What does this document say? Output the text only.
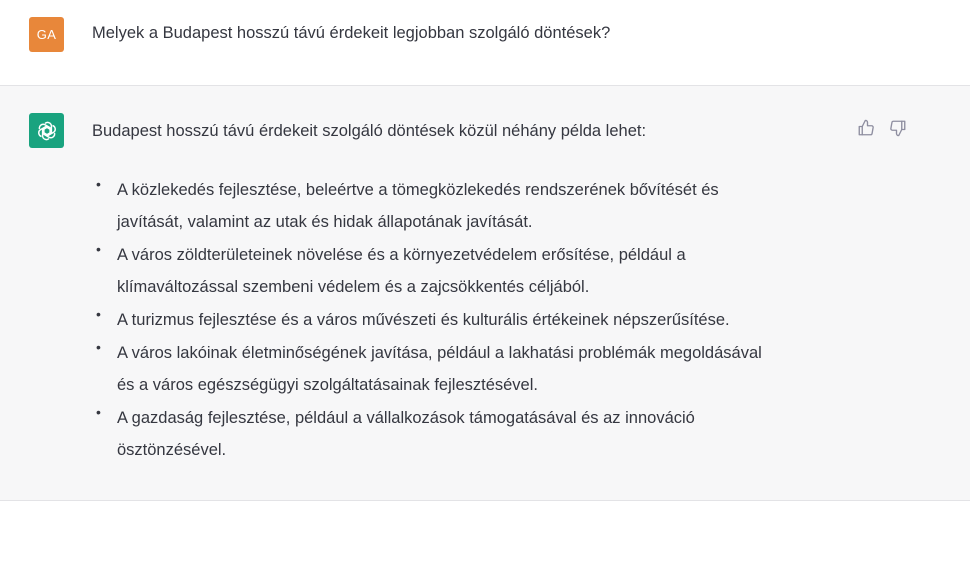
GA	Melyek a Budapest hosszú távú érdekeit legjobban szolgáló döntések?
Budapest hosszú távú érdekeit szolgáló döntések közül néhány példa lehet:
• A közlekedés fejlesztése, beleértve a tömegközlekedés rendszerének bővítését és
javítását, valamint az utak és hidak állapotának javítását.
• A város zöldterületeinek növelése és a környezetvédelem erősítése, például a
klímaváltozással szembeni védelem és a zajcsökkentés céljából.
• A turizmus fejlesztése és a város művészeti és kulturális értékeinek népszerűsítése.
• A város lakóinak életminőségének javítása, például a lakhatási problémák megoldásával
és a város egészségügyi szolgáltatásainak fejlesztésével.
• A gazdaság fejlesztése, például a vállalkozások támogatásával és az innováció
ösztönzésével.
